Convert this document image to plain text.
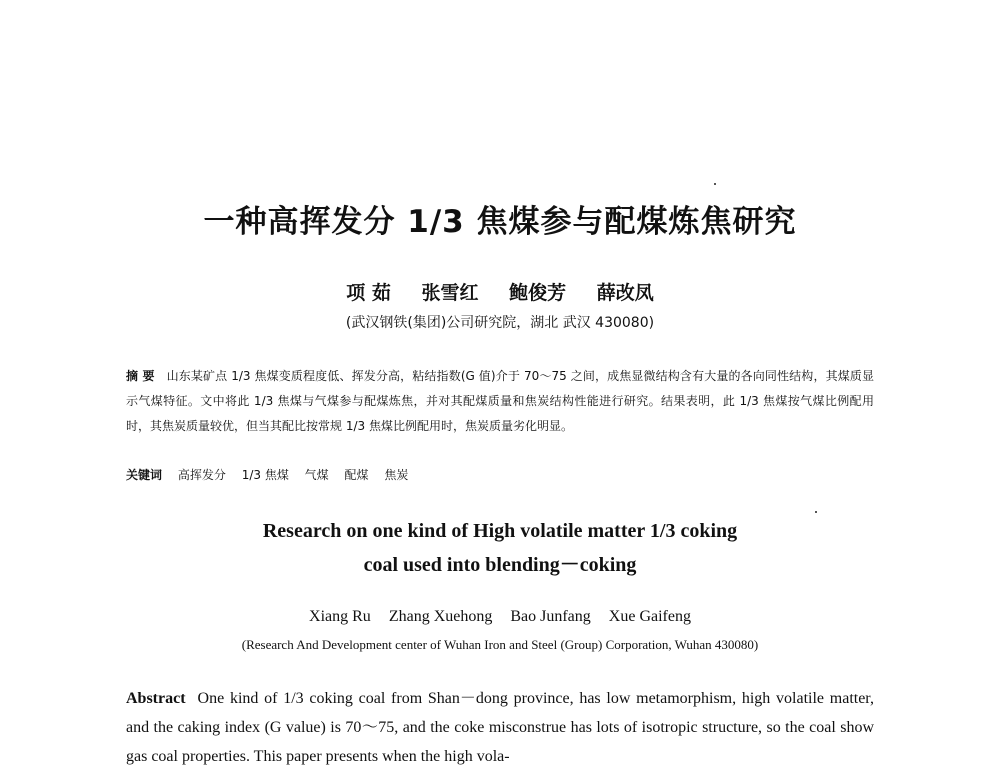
一种高挥发分 1/3 焦煤参与配煤炼焦研究
项 茹 张雪红 鲍俊芳 薛改凤
(武汉钢铁(集团)公司研究院，湖北 武汉 430080)
摘 要 山东某矿点 1/3 焦煤变质程度低、挥发分高，粘结指数(G 值)介于 70～75 之间，成焦显微结构含有大量的各向同性结构，其煤质显示气煤特征。文中将此 1/3 焦煤与气煤参与配煤炼焦，并对其配煤质量和焦炭结构性能进行研究。结果表明，此 1/3 焦煤按气煤比例配用时，其焦炭质量较优，但当其配比按常规 1/3 焦煤比例配用时，焦炭质量劣化明显。
关键词 高挥发分 1/3 焦煤 气煤 配煤 焦炭
Research on one kind of High volatile matter 1/3 coking
coal used into blending－coking
Xiang Ru Zhang Xuehong Bao Junfang Xue Gaifeng
(Research And Development center of Wuhan Iron and Steel (Group) Corporation, Wuhan 430080)
Abstract One kind of 1/3 coking coal from Shan－dong province, has low metamorphism, high volatile matter, and the caking index (G value) is 70～75, and the coke misconstrue has lots of isotropic structure, so the coal show gas coal properties. This paper presents when the high vola-
